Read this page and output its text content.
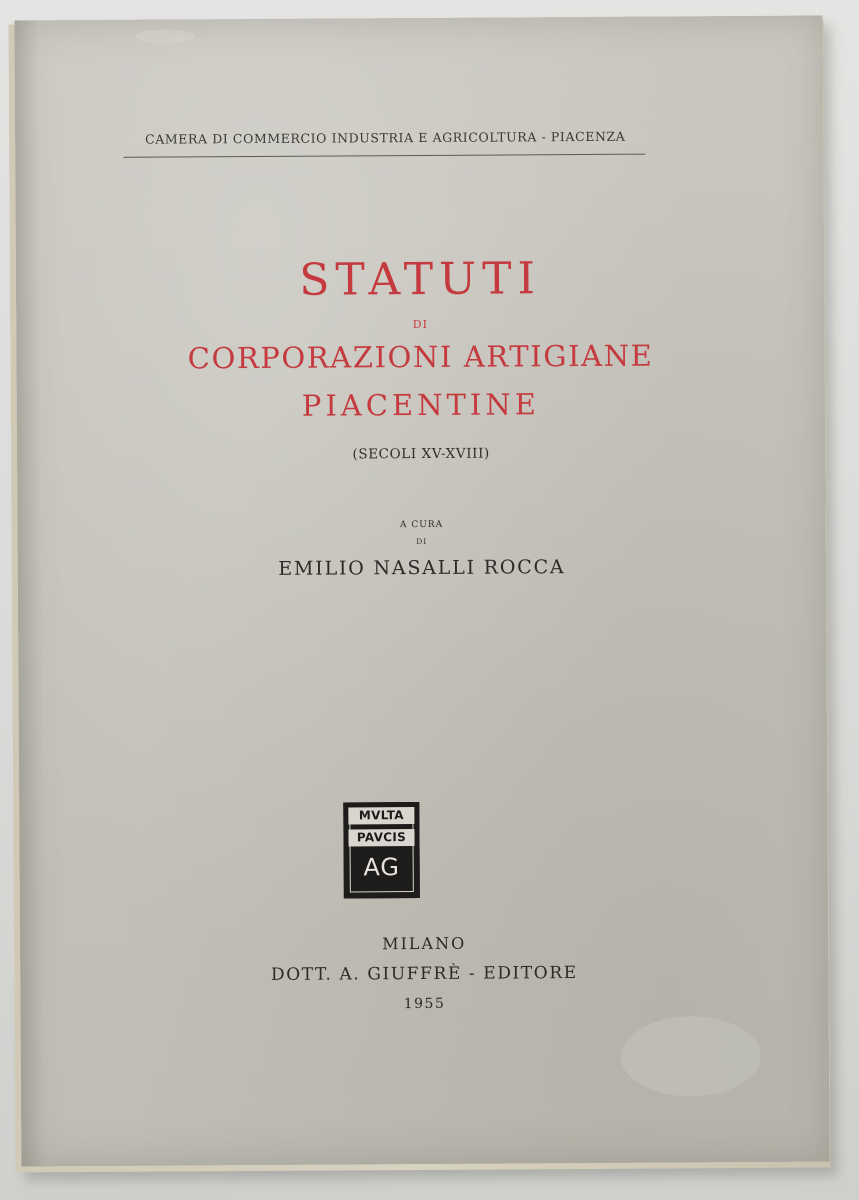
CAMERA DI COMMERCIO INDUSTRIA E AGRICOLTURA - PIACENZA
STATUTI
DI
CORPORAZIONI ARTIGIANE
PIACENTINE
(SECOLI XV-XVIII)
A CURA
DI
EMILIO NASALLI ROCCA
MVLTA
PAVCIS
AG
MILANO
DOTT. A. GIUFFRÈ - EDITORE
1955
